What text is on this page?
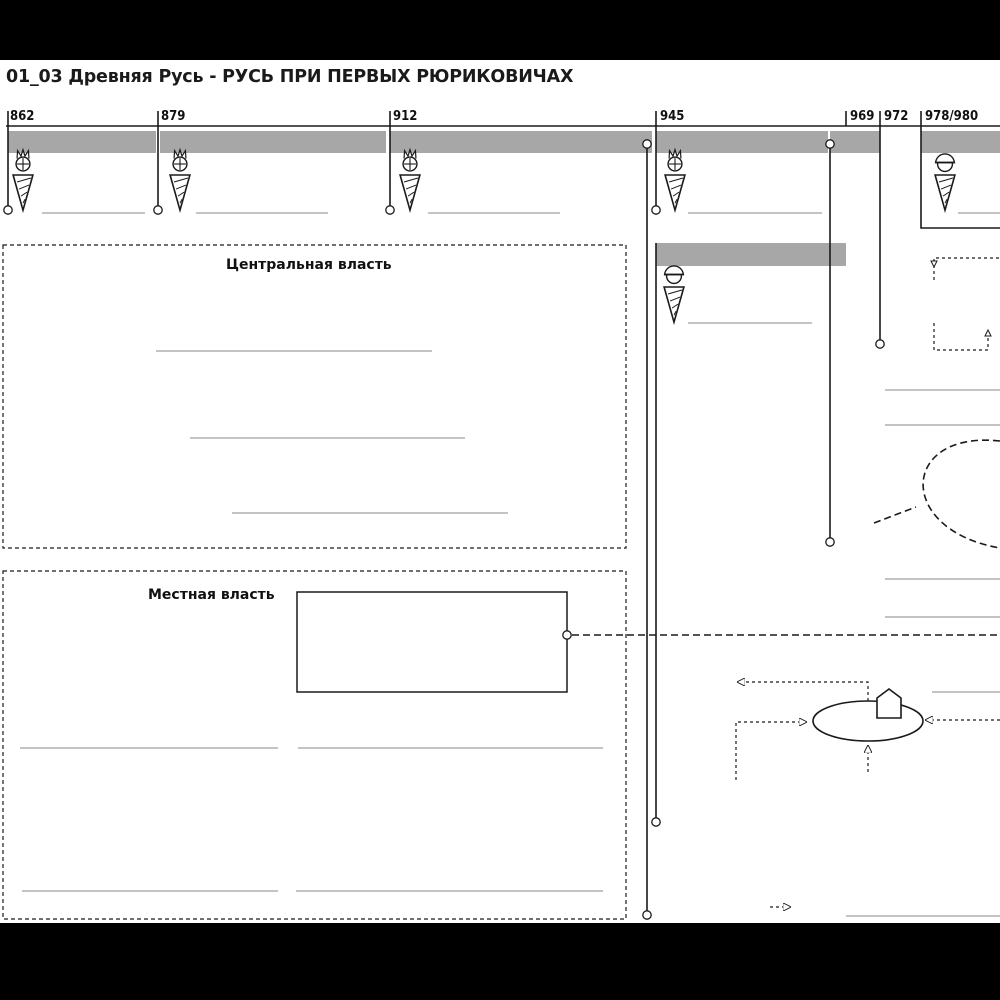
01_03 Древняя Русь - РУСЬ ПРИ ПЕРВЫХ РЮРИКОВИЧАХ
862	879	912	945	969 972 978/980
Центральная власть
Местная власть
